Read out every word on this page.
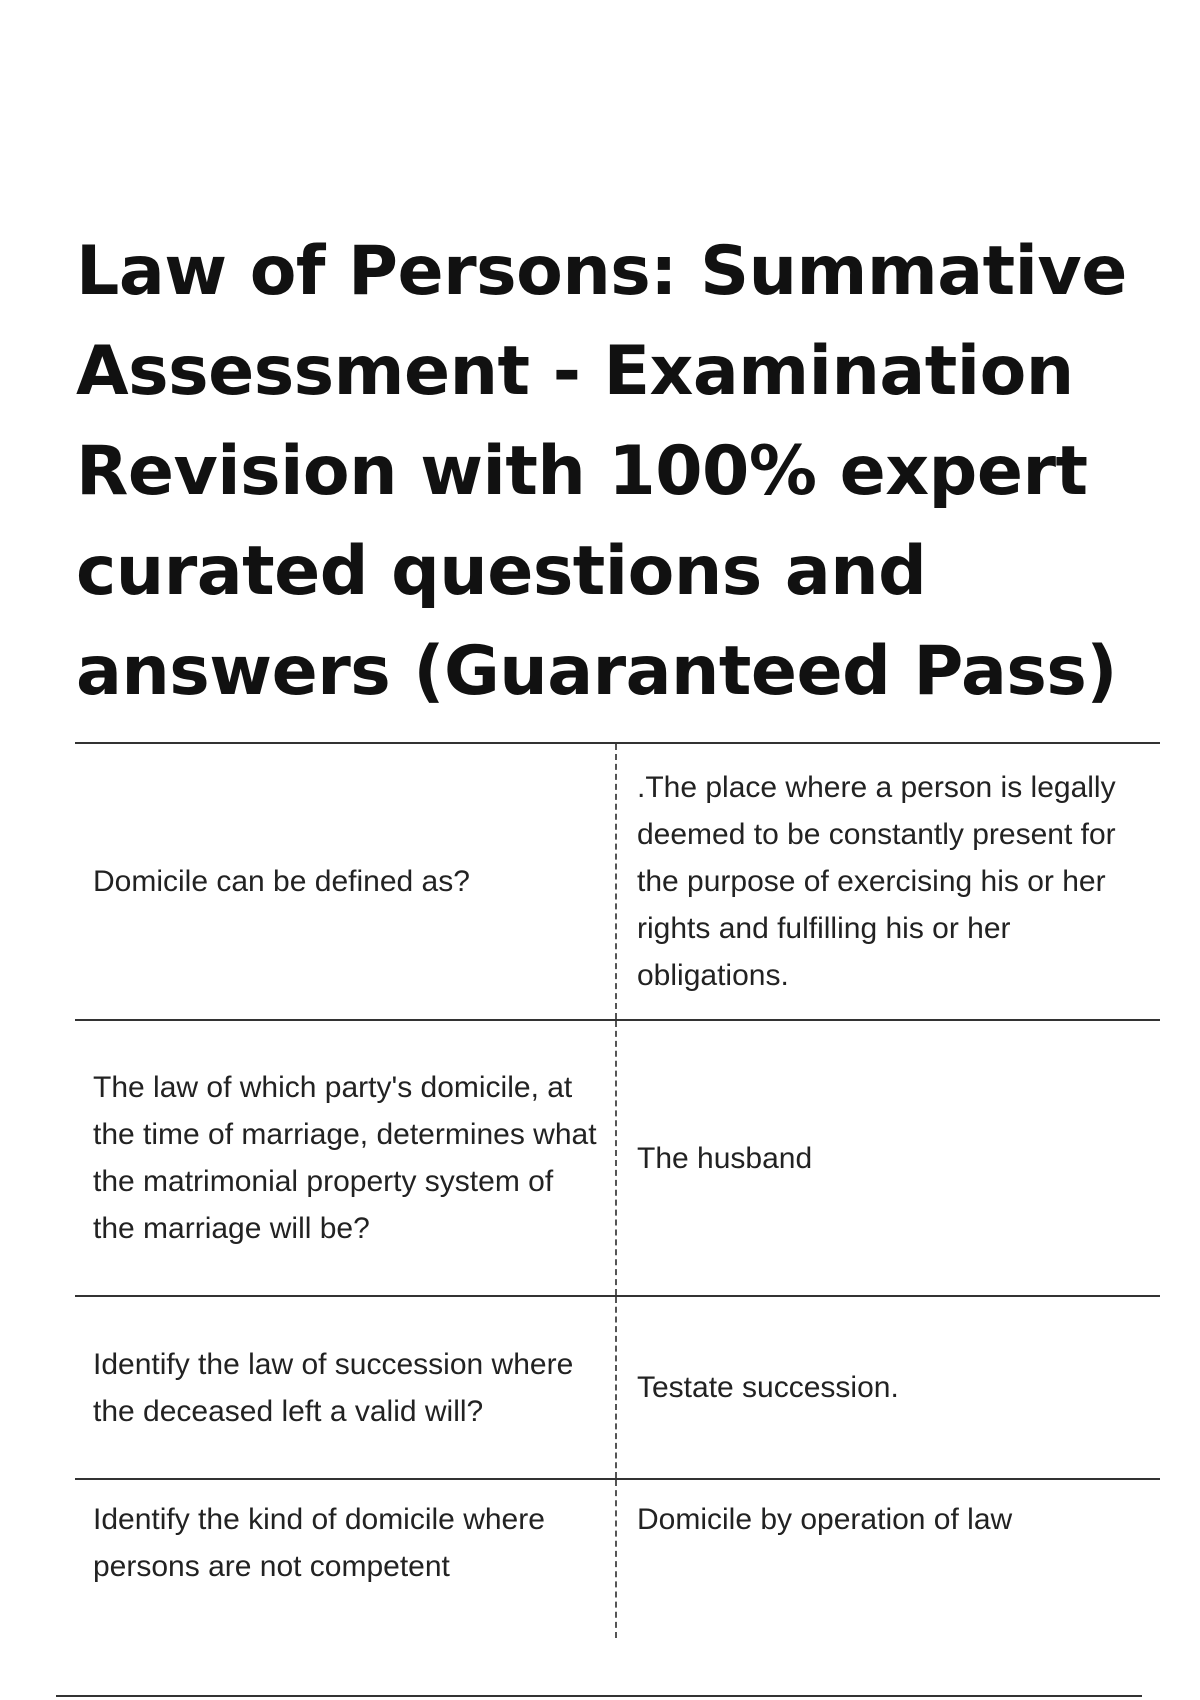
Law of Persons: Summative Assessment - Examination Revision with 100% expert curated questions and answers (Guaranteed Pass)
Domicile can be defined as?
.The place where a person is legally deemed to be constantly present for the purpose of exercising his or her rights and fulfilling his or her obligations.
The law of which party's domicile, at the time of marriage, determines what the matrimonial property system of the marriage will be?
The husband
Identify the law of succession where the deceased left a valid will?
Testate succession.
Identify the kind of domicile where persons are not competent
Domicile by operation of law
